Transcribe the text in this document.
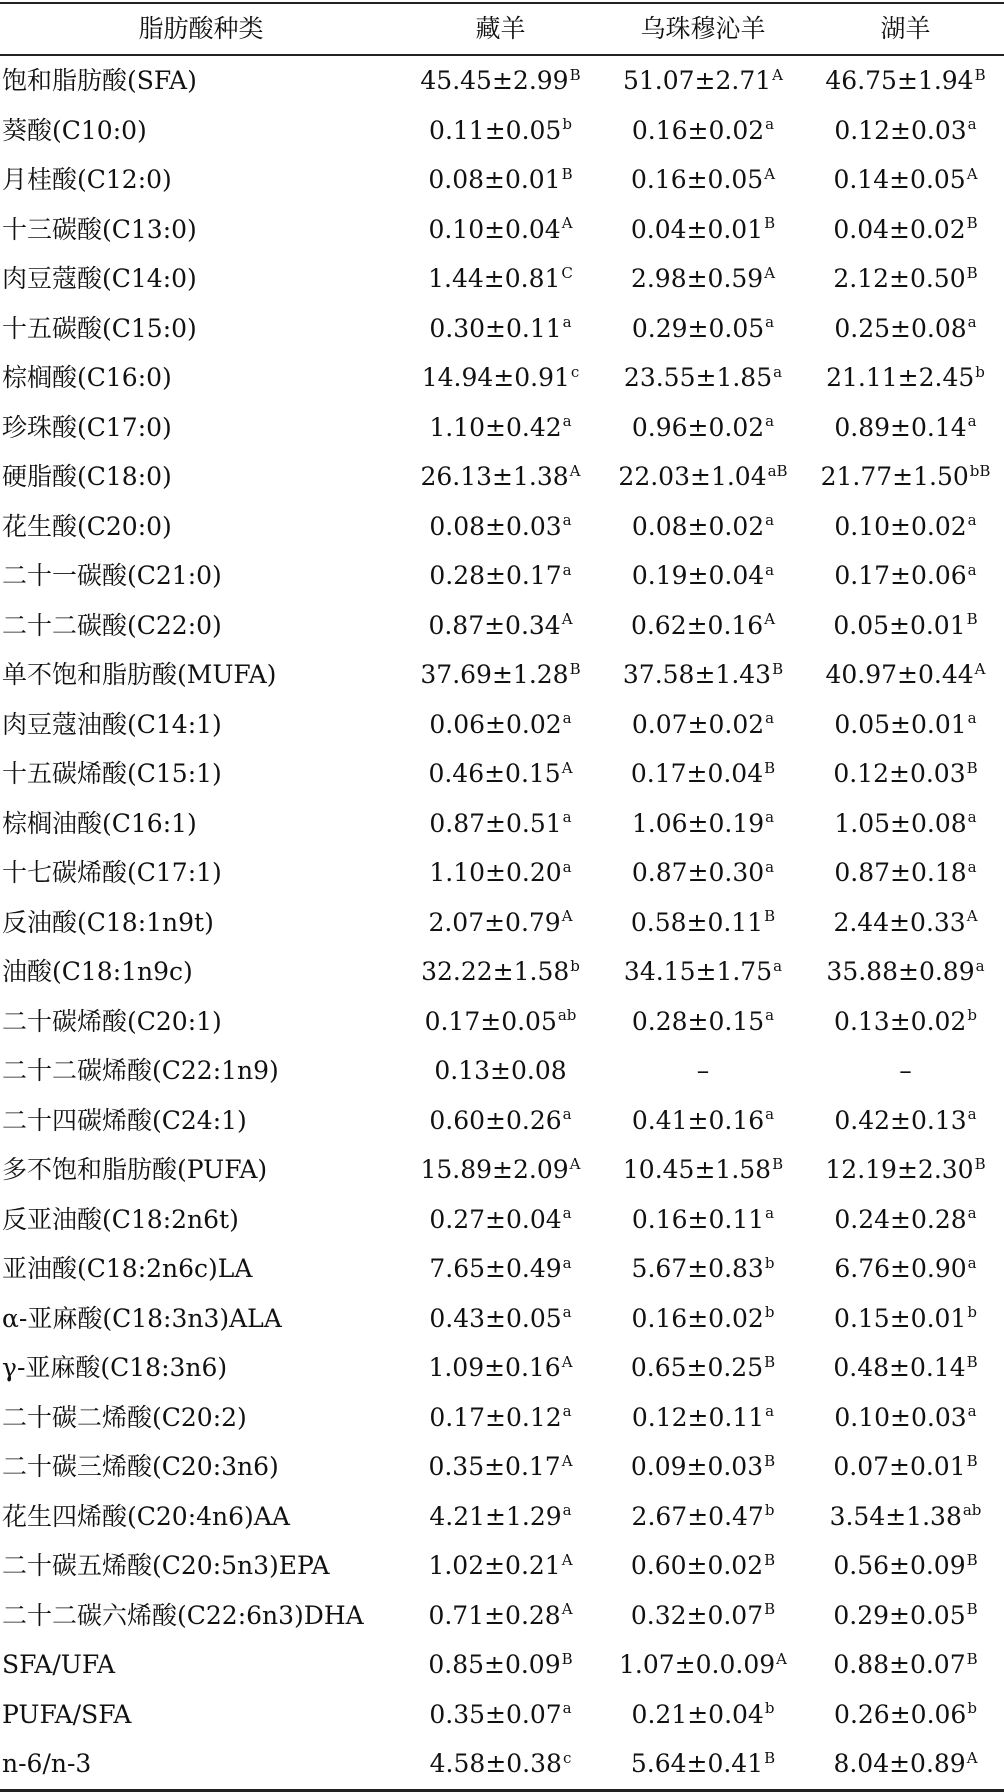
脂肪酸种类	藏羊	乌珠穆沁羊	湖羊
饱和脂肪酸(SFA)	$45.45\pm 2.99^B$	$51.07\pm 2.71^A$	$46.75\pm 1.94^B$
葵酸(C10:0)	0.11±0.05$^b$	0.16±0.02$^a$	0.12±0.03$^a$
月桂酸(C12:0)	$0.08\pm 0.01^B$	$0.16\pm 0.05^A$	$0.14\pm 0.05^A$
十三碳酸(C13:0)	$0.10\pm 0.04^A$	$0.04\pm 0.01^B$	$0.04\pm 0.02^B$
肉豆蔻酸(C14:0)	$1.44\pm 0.81^C$	$2.98\pm 0.59^A$	$2.12\pm 0.50^B$
十五碳酸(C15:0)	0.30±0.11$^a$	0.29±0.05$^a$	0.25±0.08$^a$
棕榈酸(C16:0)	14.94±0.91$^c$	23.55±1.85$^a$	21.11±2.45$^b$
珍珠酸(C17:0)	1.10±0.42$^a$	0.96±0.02$^a$	0.89±0.14$^a$
硬脂酸(C18:0)	$26.13\pm 1.38^A$	$22.03\pm 1.04^{aB}$	$21.77\pm 1.50^{bB}$
花生酸(C20:0)	0.08±0.03$^a$	0.08±0.02$^a$	0.10±0.02$^a$
二十一碳酸(C21:0)	0.28±0.17$^a$	0.19±0.04$^a$	0.17±0.06$^a$
二十二碳酸(C22:0)	$0.87\pm 0.34^A$	$0.62\pm 0.16^A$	$0.05\pm 0.01^B$
单不饱和脂肪酸(MUFA)	$37.69\pm 1.28^B$	$37.58\pm 1.43^B$	$40.97\pm 0.44^A$
肉豆蔻油酸(C14:1)	0.06±0.02$^a$	0.07±0.02$^a$	0.05±0.01$^a$
十五碳烯酸(C15:1)	$0.46\pm 0.15^A$	$0.17\pm 0.04^B$	$0.12\pm 0.03^B$
棕榈油酸(C16:1)	0.87±0.51$^a$	1.06±0.19$^a$	1.05±0.08$^a$
十七碳烯酸(C17:1)	1.10±0.20$^a$	0.87±0.30$^a$	0.87±0.18$^a$
反油酸(C18:1n9t)	$2.07\pm 0.79^A$	$0.58\pm 0.11^B$	$2.44\pm 0.33^A$
油酸(C18:1n9c)	32.22±1.58$^b$	34.15±1.75$^a$	35.88±0.89$^a$
二十碳烯酸(C20:1)	0.17±0.05$^{ab}$	0.28±0.15$^a$	0.13±0.02$^b$
二十二碳烯酸(C22:1n9)	0.13±0.08	–	–
二十四碳烯酸(C24:1)	0.60±0.26$^a$	0.41±0.16$^a$	0.42±0.13$^a$
多不饱和脂肪酸(PUFA)	$15.89\pm 2.09^A$	$10.45\pm 1.58^B$	$12.19\pm 2.30^B$
反亚油酸(C18:2n6t)	0.27±0.04$^a$	0.16±0.11$^a$	0.24±0.28$^a$
亚油酸(C18:2n6c)LA	7.65±0.49$^a$	5.67±0.83$^b$	6.76±0.90$^a$
α-亚麻酸(C18:3n3)ALA	0.43±0.05$^a$	0.16±0.02$^b$	0.15±0.01$^b$
γ-亚麻酸(C18:3n6)	$1.09\pm 0.16^A$	$0.65\pm 0.25^B$	$0.48\pm 0.14^B$
二十碳二烯酸(C20:2)	0.17±0.12$^a$	0.12±0.11$^a$	0.10±0.03$^a$
二十碳三烯酸(C20:3n6)	$0.35\pm 0.17^A$	$0.09\pm 0.03^B$	$0.07\pm 0.01^B$
花生四烯酸(C20:4n6)AA	4.21±1.29$^a$	2.67±0.47$^b$	3.54±1.38$^{ab}$
二十碳五烯酸(C20:5n3)EPA	$1.02\pm 0.21^A$	$0.60\pm 0.02^B$	$0.56\pm 0.09^B$
二十二碳六烯酸(C22:6n3)DHA	$0.71\pm 0.28^A$	$0.32\pm 0.07^B$	$0.29\pm 0.05^B$
SFA/UFA	$0.85\pm 0.09^B$	$1.07\pm 0.0.09^A$	$0.88\pm 0.07^B$
PUFA/SFA	0.35±0.07$^a$	0.21±0.04$^b$	0.26±0.06$^b$
n-6/n-3	4.58±0.38$^c$	$5.64\pm 0.41^B$	$8.04\pm 0.89^A$
